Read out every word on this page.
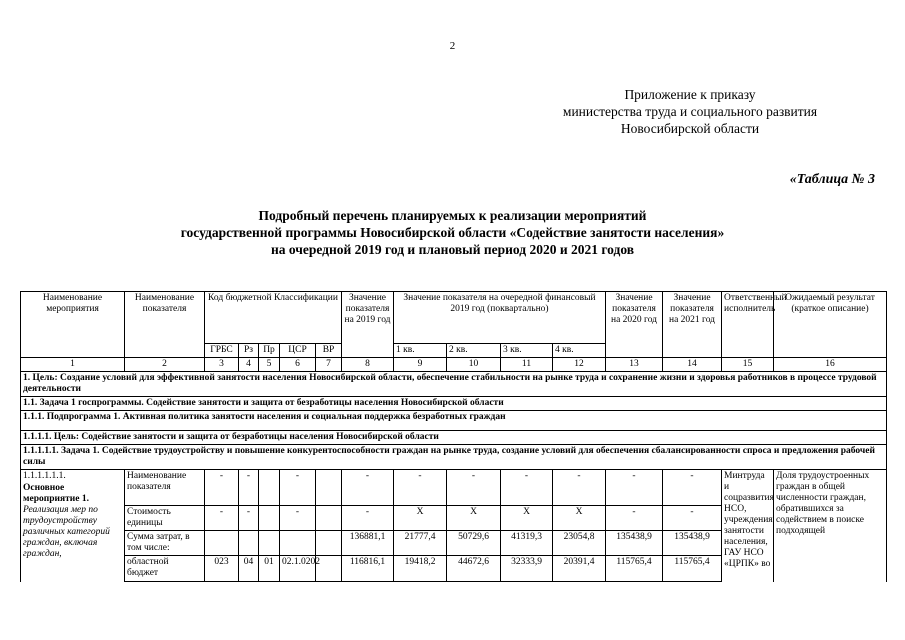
2
Приложение к приказу
министерства труда и социального развития
Новосибирской области
«Таблица № 3
Подробный перечень планируемых к реализации мероприятий
государственной программы Новосибирской области «Содействие занятости населения»
на очередной 2019 год и плановый период 2020 и 2021 годов
Наименование мероприятия	Наименование показателя	Код бюджетной Классификации					Значение показателя на 2019 год	Значение показателя на очередной финансовый 2019 год (поквартально)				Значение показателя на 2020 год	Значение показателя на 2021 год	Ответственный исполнитель	Ожидаемый результат (краткое описание)
		ГРБС	Рз	Пр	ЦСР	ВР		1 кв.	2 кв.	3 кв.	4 кв.				
1	2	3	4	5	6	7	8	9	10	11	12	13	14	15	16
1. Цель: Создание условий для эффективной занятости населения Новосибирской области, обеспечение стабильности на рынке труда и сохранение жизни и здоровья работников в процессе трудовой деятельности															
1.1. Задача 1 госпрограммы. Содействие занятости и защита от безработицы населения Новосибирской области															
1.1.1. Подпрограмма 1. Активная политика занятости населения и социальная поддержка безработных граждан															
1.1.1.1. Цель: Содействие занятости и защита от безработицы населения Новосибирской области															
1.1.1.1.1. Задача 1. Содействие трудоустройству и повышение конкурентоспособности граждан на рынке труда, создание условий для обеспечения сбалансированности спроса и предложения рабочей силы															

1.1.1.1.1.1.
Основное мероприятие 1.
Реализация мер по трудоустройству различных категорий граждан, включая граждан,	Наименование показателя	-	-		-		-	-	-	-	-	-	-	Минтруда и соцразвития НСО, учреждения занятости населения, ГАУ НСО «ЦРПК» во	Доля трудоустроенных граждан в общей численности граждан, обратившихся за содействием в поиске подходящей
	Стоимость единицы	-	-		-		-	X	X	X	X	-	-		
	Сумма затрат, в том числе:						136881,1	21777,4	50729,6	41319,3	23054,8	135438,9	135438,9		
	областной бюджет	023	04	01	02.1.0202		116816,1	19418,2	44672,6	32333,9	20391,4	115765,4	115765,4		
